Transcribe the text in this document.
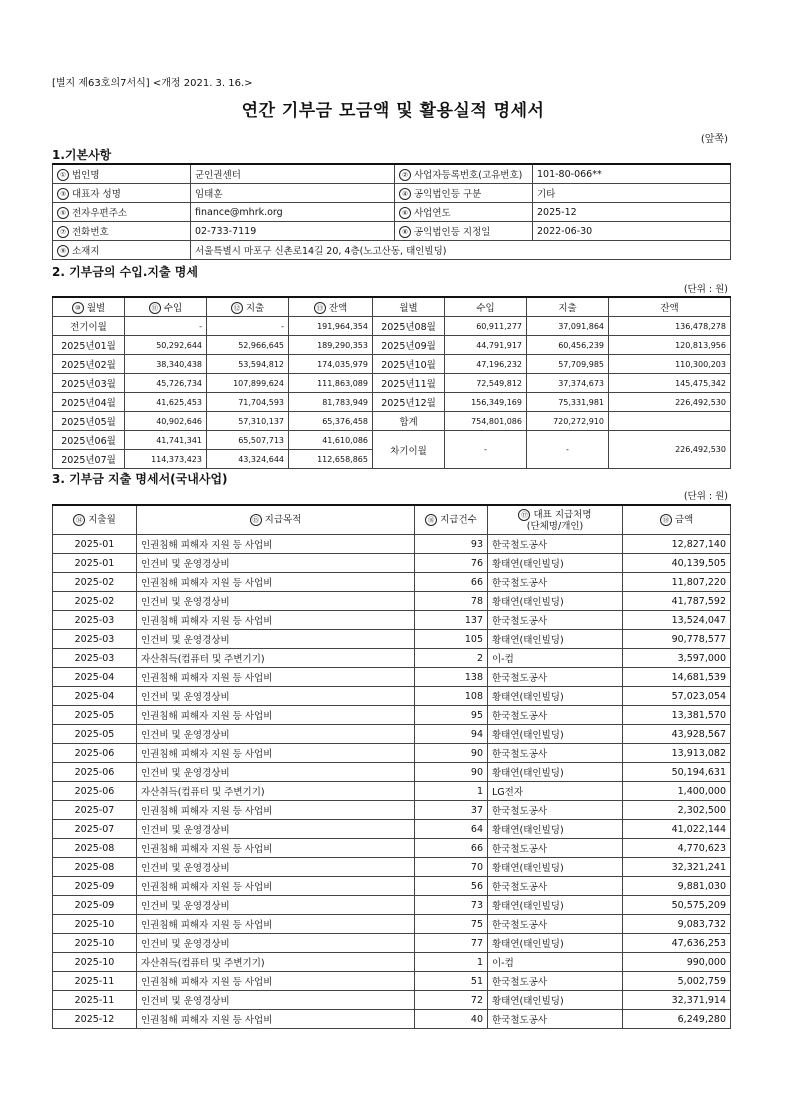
[별지 제63호의7서식] <개정 2021. 3. 16.>
연간 기부금 모금액 및 활용실적 명세서
(앞쪽)
1.기본사항
① 법인명	군인권센터	② 사업자등록번호(고유번호)	101-80-066**
③ 대표자 성명	임태훈	④ 공익법인등 구분	기타
⑤ 전자우편주소	finance@mhrk.org	⑥ 사업연도	2025-12
⑦ 전화번호	02-733-7119	⑧ 공익법인등 지정일	2022-06-30
⑨ 소재지	서울특별시 마포구 신촌로14길 20, 4층(노고산동, 태인빌딩)		
2. 기부금의 수입.지출 명세
(단위 : 원)
⑩ 월별	⑪ 수입	⑫ 지출	⑬ 잔액	월별	수입	지출	잔액
전기이월	-	-	191,964,354	2025년08월	60,911,277	37,091,864	136,478,278
2025년01월	50,292,644	52,966,645	189,290,353	2025년09월	44,791,917	60,456,239	120,813,956
2025년02월	38,340,438	53,594,812	174,035,979	2025년10월	47,196,232	57,709,985	110,300,203
2025년03월	45,726,734	107,899,624	111,863,089	2025년11월	72,549,812	37,374,673	145,475,342
2025년04월	41,625,453	71,704,593	81,783,949	2025년12월	156,349,169	75,331,981	226,492,530
2025년05월	40,902,646	57,310,137	65,376,458	합계	754,801,086	720,272,910	
2025년06월	41,741,341	65,507,713	41,610,086	차기이월	-	-	226,492,530
2025년07월	114,373,423	43,324,644	112,658,865				
3. 기부금 지출 명세서(국내사업)
(단위 : 원)
⑭ 지출월	⑮ 지급목적	⑯ 지급건수	⑰ 대표 지급처명
(단체명/개인)	⑱ 금액
2025-01	인권침해 피해자 지원 등 사업비	93	한국철도공사	12,827,140
2025-01	인건비 및 운영경상비	76	황태연(태인빌딩)	40,139,505
2025-02	인권침해 피해자 지원 등 사업비	66	한국철도공사	11,807,220
2025-02	인건비 및 운영경상비	78	황태연(태인빌딩)	41,787,592
2025-03	인권침해 피해자 지원 등 사업비	137	한국철도공사	13,524,047
2025-03	인건비 및 운영경상비	105	황태연(태인빌딩)	90,778,577
2025-03	자산취득(컴퓨터 및 주변기기)	2	이-컴	3,597,000
2025-04	인권침해 피해자 지원 등 사업비	138	한국철도공사	14,681,539
2025-04	인건비 및 운영경상비	108	황태연(태인빌딩)	57,023,054
2025-05	인권침해 피해자 지원 등 사업비	95	한국철도공사	13,381,570
2025-05	인건비 및 운영경상비	94	황태연(태인빌딩)	43,928,567
2025-06	인권침해 피해자 지원 등 사업비	90	한국철도공사	13,913,082
2025-06	인건비 및 운영경상비	90	황태연(태인빌딩)	50,194,631
2025-06	자산취득(컴퓨터 및 주변기기)	1	LG전자	1,400,000
2025-07	인권침해 피해자 지원 등 사업비	37	한국철도공사	2,302,500
2025-07	인건비 및 운영경상비	64	황태연(태인빌딩)	41,022,144
2025-08	인권침해 피해자 지원 등 사업비	66	한국철도공사	4,770,623
2025-08	인건비 및 운영경상비	70	황태연(태인빌딩)	32,321,241
2025-09	인권침해 피해자 지원 등 사업비	56	한국철도공사	9,881,030
2025-09	인건비 및 운영경상비	73	황태연(태인빌딩)	50,575,209
2025-10	인권침해 피해자 지원 등 사업비	75	한국철도공사	9,083,732
2025-10	인건비 및 운영경상비	77	황태연(태인빌딩)	47,636,253
2025-10	자산취득(컴퓨터 및 주변기기)	1	이-컴	990,000
2025-11	인권침해 피해자 지원 등 사업비	51	한국철도공사	5,002,759
2025-11	인건비 및 운영경상비	72	황태연(태인빌딩)	32,371,914
2025-12	인권침해 피해자 지원 등 사업비	40	한국철도공사	6,249,280
